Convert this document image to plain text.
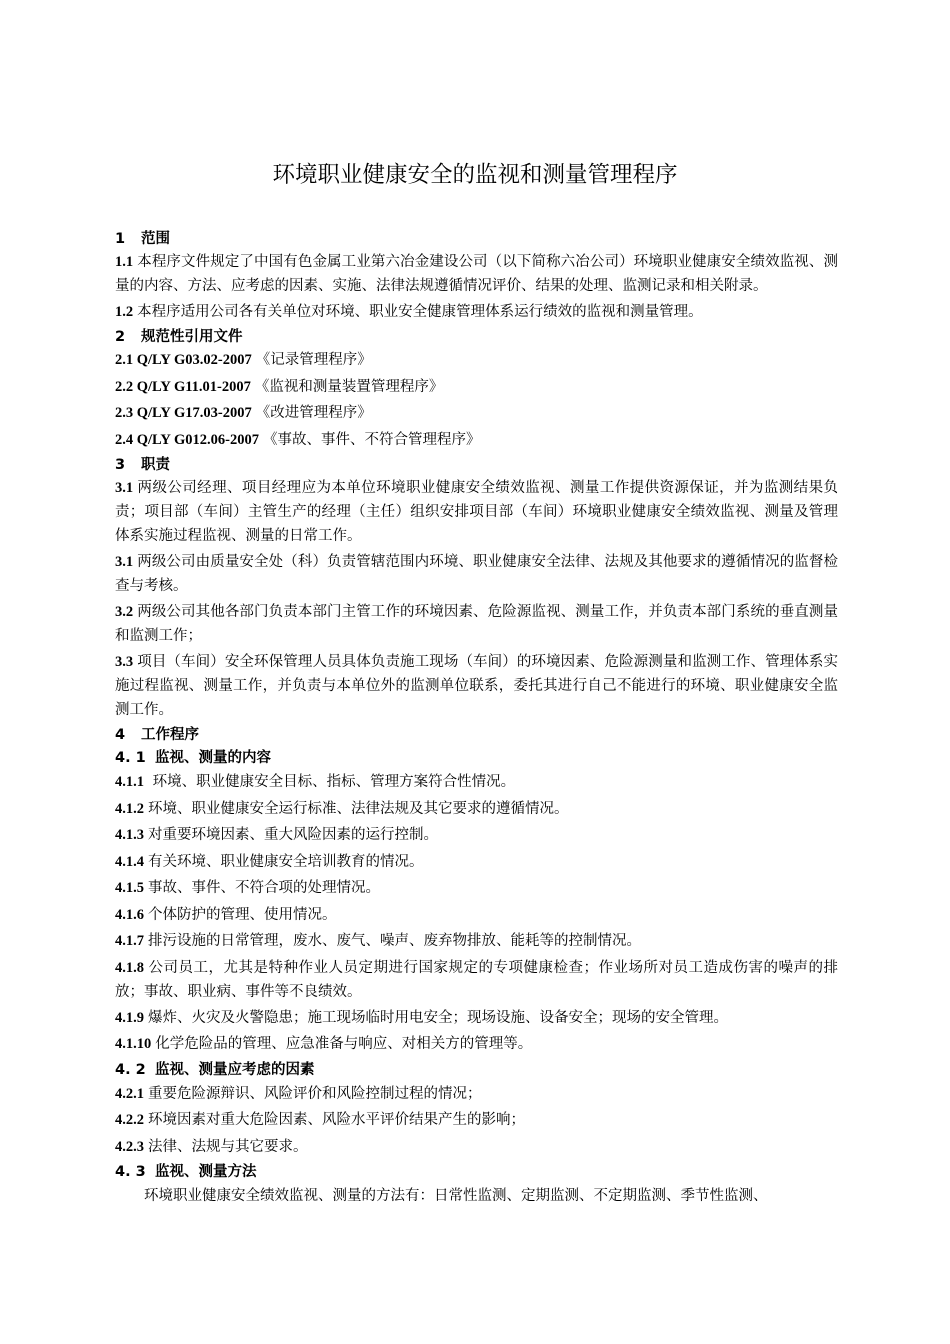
环境职业健康安全的监视和测量管理程序
1 范围

1.1 本程序文件规定了中国有色金属工业第六冶金建设公司（以下简称六冶公司）环境职业健康安全绩效监视、测量的内容、方法、应考虑的因素、实施、法律法规遵循情况评价、结果的处理、监测记录和相关附录。

1.2 本程序适用公司各有关单位对环境、职业安全健康管理体系运行绩效的监视和测量管理。

2 规范性引用文件

2.1 Q/LY G03.02-2007 《记录管理程序》

2.2 Q/LY G11.01-2007 《监视和测量装置管理程序》

2.3 Q/LY G17.03-2007 《改进管理程序》

2.4 Q/LY G012.06-2007 《事故、事件、不符合管理程序》

3 职责

3.1 两级公司经理、项目经理应为本单位环境职业健康安全绩效监视、测量工作提供资源保证，并为监测结果负责；项目部（车间）主管生产的经理（主任）组织安排项目部（车间）环境职业健康安全绩效监视、测量及管理体系实施过程监视、测量的日常工作。

3.1 两级公司由质量安全处（科）负责管辖范围内环境、职业健康安全法律、法规及其他要求的遵循情况的监督检查与考核。

3.2 两级公司其他各部门负责本部门主管工作的环境因素、危险源监视、测量工作，并负责本部门系统的垂直测量和监测工作；

3.3 项目（车间）安全环保管理人员具体负责施工现场（车间）的环境因素、危险源测量和监测工作、管理体系实施过程监视、测量工作，并负责与本单位外的监测单位联系，委托其进行自己不能进行的环境、职业健康安全监测工作。

4 工作程序
4. 1 监视、测量的内容

4.1.1 环境、职业健康安全目标、指标、管理方案符合性情况。

4.1.2 环境、职业健康安全运行标准、法律法规及其它要求的遵循情况。

4.1.3 对重要环境因素、重大风险因素的运行控制。

4.1.4 有关环境、职业健康安全培训教育的情况。

4.1.5 事故、事件、不符合项的处理情况。

4.1.6 个体防护的管理、使用情况。

4.1.7 排污设施的日常管理，废水、废气、噪声、废弃物排放、能耗等的控制情况。

4.1.8 公司员工，尤其是特种作业人员定期进行国家规定的专项健康检查；作业场所对员工造成伤害的噪声的排放；事故、职业病、事件等不良绩效。

4.1.9 爆炸、火灾及火警隐患；施工现场临时用电安全；现场设施、设备安全；现场的安全管理。

4.1.10 化学危险品的管理、应急准备与响应、对相关方的管理等。

4. 2 监视、测量应考虑的因素

4.2.1 重要危险源辩识、风险评价和风险控制过程的情况；

4.2.2 环境因素对重大危险因素、风险水平评价结果产生的影响；

4.2.3 法律、法规与其它要求。

4. 3 监视、测量方法

环境职业健康安全绩效监视、测量的方法有：日常性监测、定期监测、不定期监测、季节性监测、
